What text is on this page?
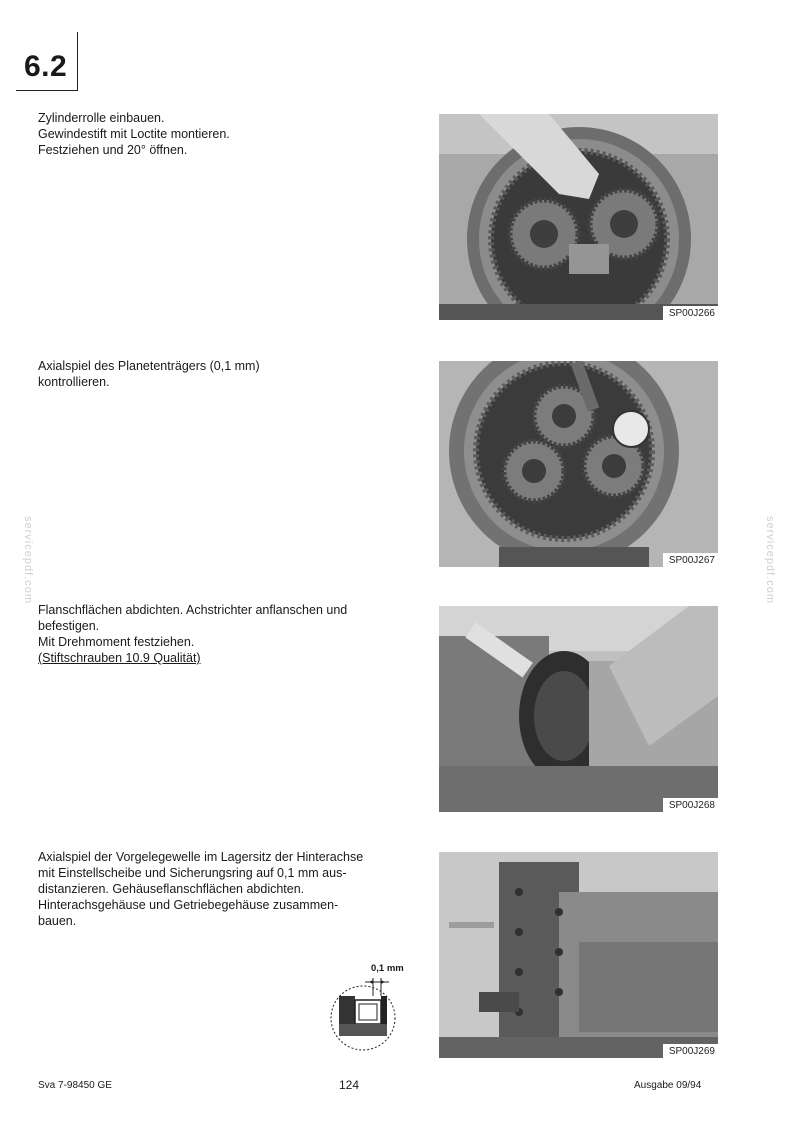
6.2
servicepdf.com	servicepdf.com

Zylinderrolle einbauen.

Gewindestift mit Loctite montieren.

Festziehen und 20° öffnen.

SP00J266

Axialspiel des Planetenträgers (0,1 mm)

kontrollieren.

SP00J267

Flanschflächen abdichten. Achstrichter anflanschen und

befestigen.

Mit Drehmoment festziehen.

(Stiftschrauben 10.9 Qualität)

SP00J268

Axialspiel der Vorgelegewelle im Lagersitz der Hinterachse

mit Einstellscheibe und Sicherungsring auf 0,1 mm aus-

distanzieren. Gehäuseflanschflächen abdichten.

Hinterachsgehäuse und Getriebegehäuse zusammen-

bauen.

SP00J269
0,1 mm
Sva 7-98450 GE	124	Ausgabe 09/94
